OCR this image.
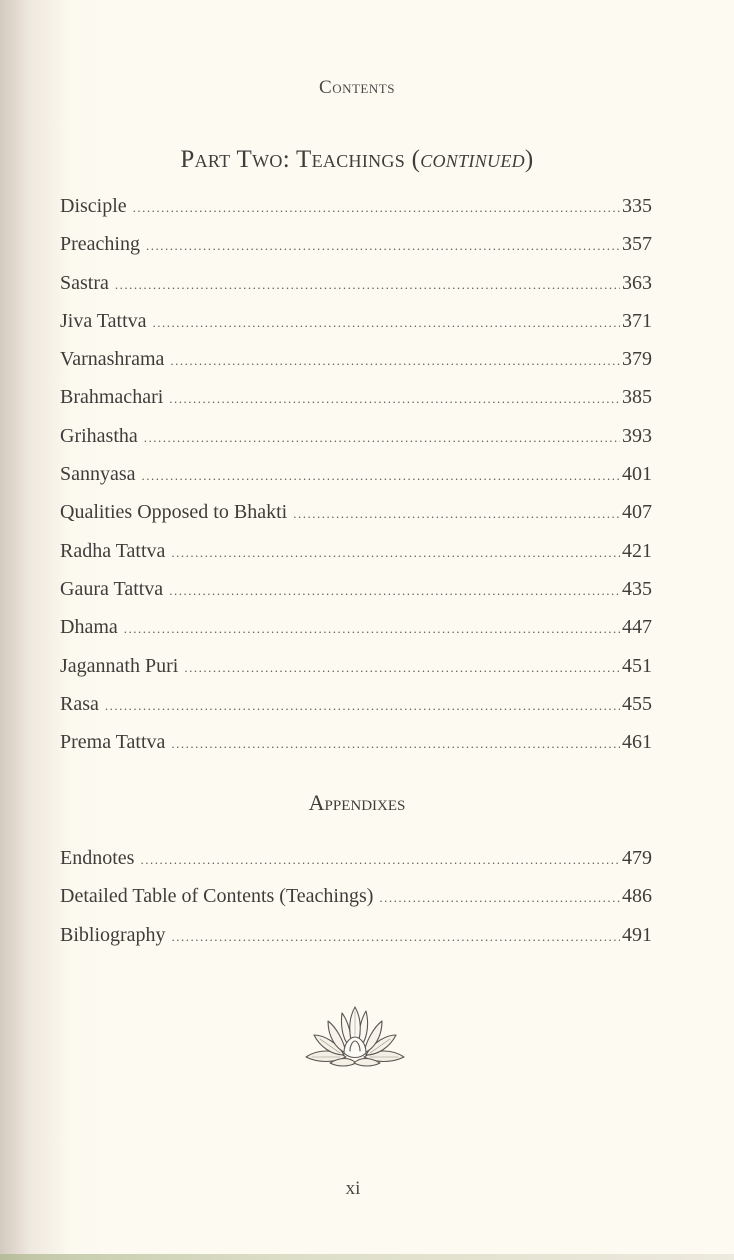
Contents
Part Two: Teachings (continued)
Disciple .....	335
Preaching .....	357
Sastra .....	363
Jiva Tattva .....	371
Varnashrama .....	379
Brahmachari .....	385
Grihastha .....	393
Sannyasa .....	401
Qualities Opposed to Bhakti .....	407
Radha Tattva .....	421
Gaura Tattva .....	435
Dhama .....	447
Jagannath Puri .....	451
Rasa .....	455
Prema Tattva .....	461
Appendixes
Endnotes .....	479
Detailed Table of Contents (Teachings) .....	486
Bibliography .....	491
xi
